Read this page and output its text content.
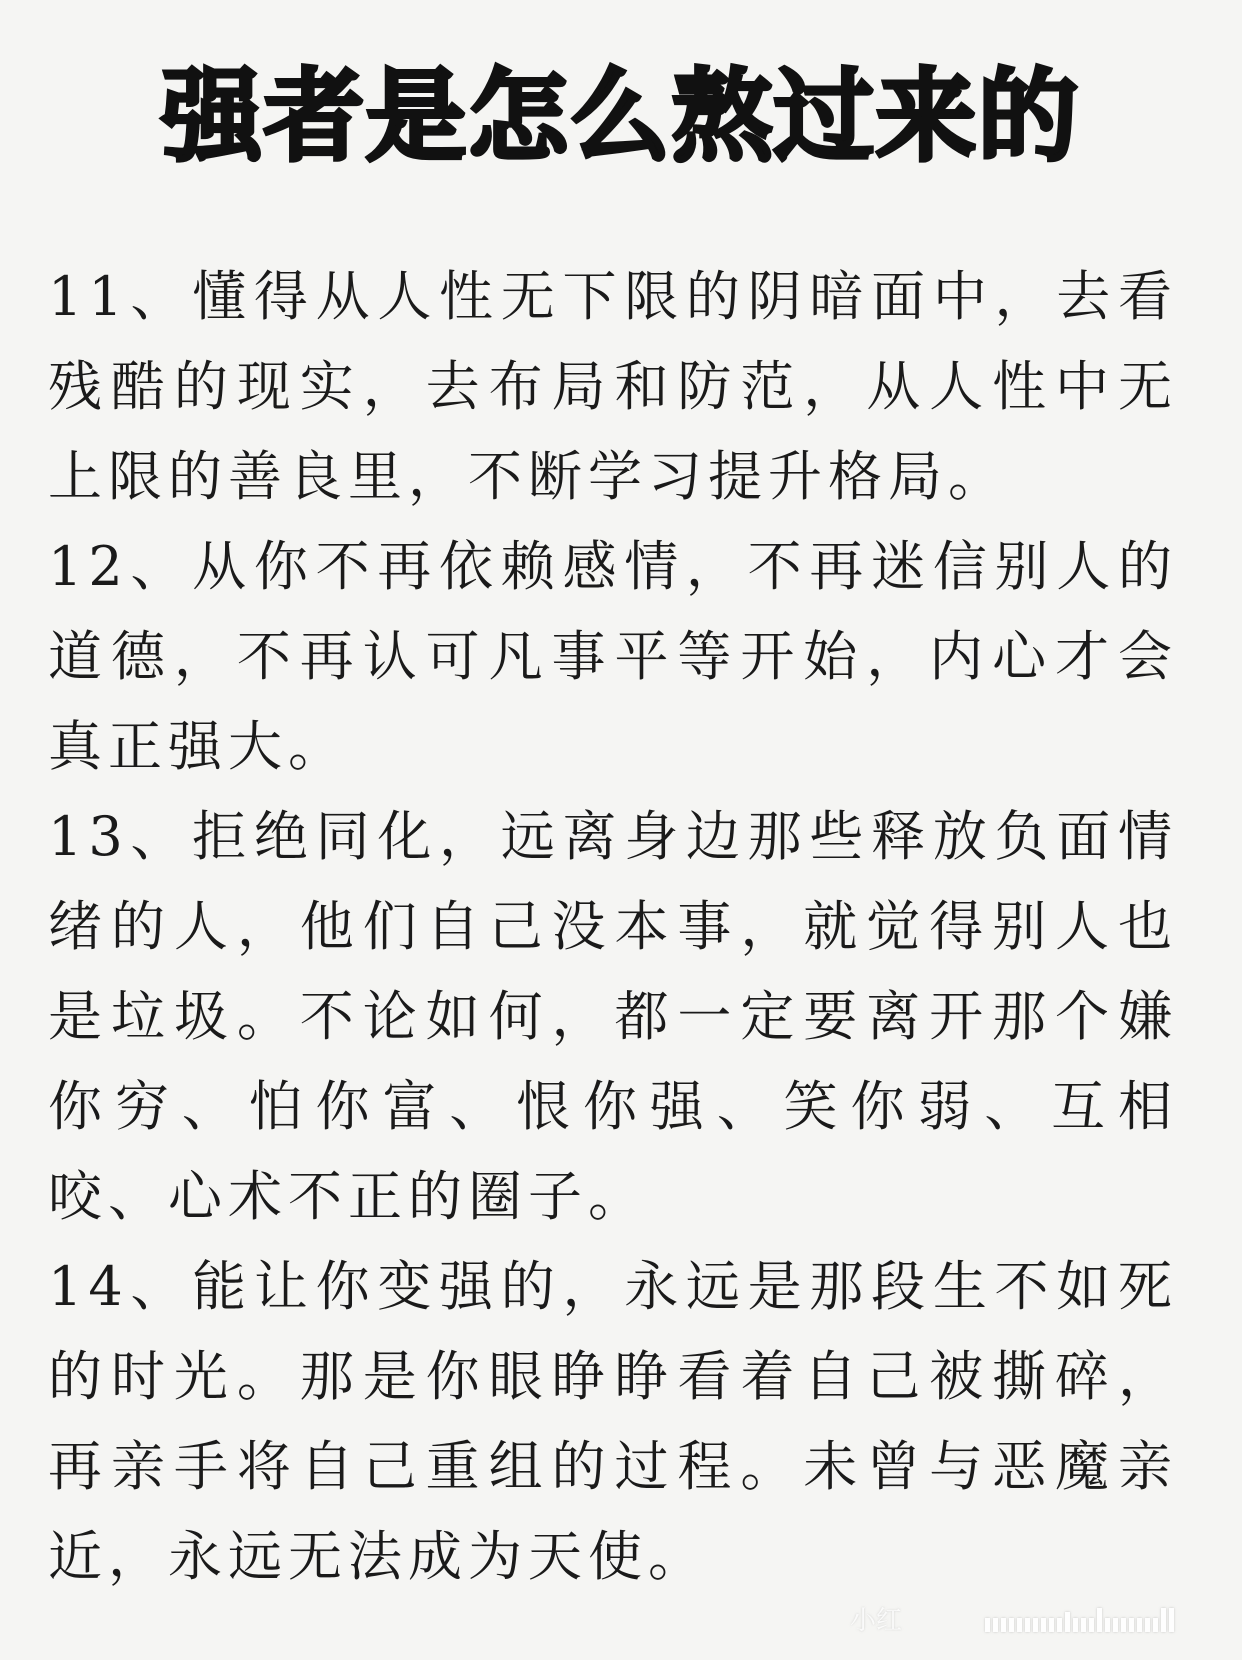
强者是怎么熬过来的

11、懂得从人性无下限的阴暗面中，去看残酷的现实，去布局和防范，从人性中无上限的善良里，不断学习提升格局。

12、从你不再依赖感情，不再迷信别人的道德，不再认可凡事平等开始，内心才会真正强大。

13、拒绝同化，远离身边那些释放负面情绪的人，他们自己没本事，就觉得别人也是垃圾。不论如何，都一定要离开那个嫌你穷、怕你富、恨你强、笑你弱、互相咬、心术不正的圈子。

14、能让你变强的，永远是那段生不如死的时光。那是你眼睁睁看着自己被撕碎，再亲手将自己重组的过程。未曾与恶魔亲近，永远无法成为天使。

小红
